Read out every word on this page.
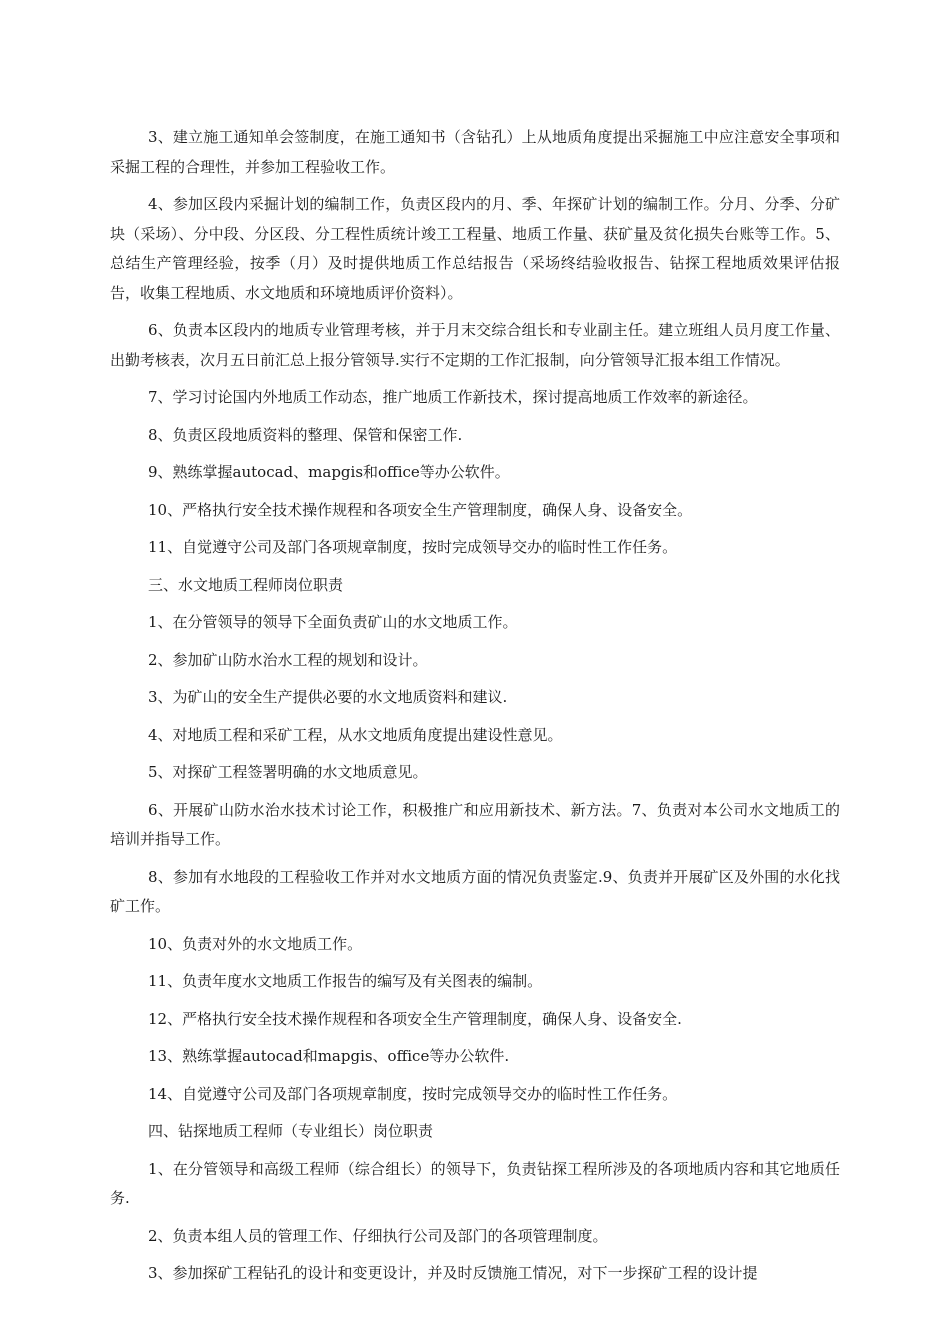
3、建立施工通知单会签制度，在施工通知书（含钻孔）上从地质角度提出采掘施工中应注意安全事项和采掘工程的合理性，并参加工程验收工作。

4、参加区段内采掘计划的编制工作，负责区段内的月、季、年探矿计划的编制工作。分月、分季、分矿块（采场）、分中段、分区段、分工程性质统计竣工工程量、地质工作量、获矿量及贫化损失台账等工作。5、总结生产管理经验，按季（月）及时提供地质工作总结报告（采场终结验收报告、钻探工程地质效果评估报告，收集工程地质、水文地质和环境地质评价资料）。

6、负责本区段内的地质专业管理考核，并于月末交综合组长和专业副主任。建立班组人员月度工作量、出勤考核表，次月五日前汇总上报分管领导.实行不定期的工作汇报制，向分管领导汇报本组工作情况。

7、学习讨论国内外地质工作动态，推广地质工作新技术，探讨提高地质工作效率的新途径。

8、负责区段地质资料的整理、保管和保密工作.

9、熟练掌握autocad、mapgis和office等办公软件。

10、严格执行安全技术操作规程和各项安全生产管理制度，确保人身、设备安全。

11、自觉遵守公司及部门各项规章制度，按时完成领导交办的临时性工作任务。

三、水文地质工程师岗位职责

1、在分管领导的领导下全面负责矿山的水文地质工作。

2、参加矿山防水治水工程的规划和设计。

3、为矿山的安全生产提供必要的水文地质资料和建议.

4、对地质工程和采矿工程，从水文地质角度提出建设性意见。

5、对探矿工程签署明确的水文地质意见。

6、开展矿山防水治水技术讨论工作，积极推广和应用新技术、新方法。7、负责对本公司水文地质工的培训并指导工作。

8、参加有水地段的工程验收工作并对水文地质方面的情况负责鉴定.9、负责并开展矿区及外围的水化找矿工作。

10、负责对外的水文地质工作。

11、负责年度水文地质工作报告的编写及有关图表的编制。

12、严格执行安全技术操作规程和各项安全生产管理制度，确保人身、设备安全.

13、熟练掌握autocad和mapgis、office等办公软件.

14、自觉遵守公司及部门各项规章制度，按时完成领导交办的临时性工作任务。

四、钻探地质工程师（专业组长）岗位职责

1、在分管领导和高级工程师（综合组长）的领导下，负责钻探工程所涉及的各项地质内容和其它地质任务.

2、负责本组人员的管理工作、仔细执行公司及部门的各项管理制度。

3、参加探矿工程钻孔的设计和变更设计，并及时反馈施工情况，对下一步探矿工程的设计提
